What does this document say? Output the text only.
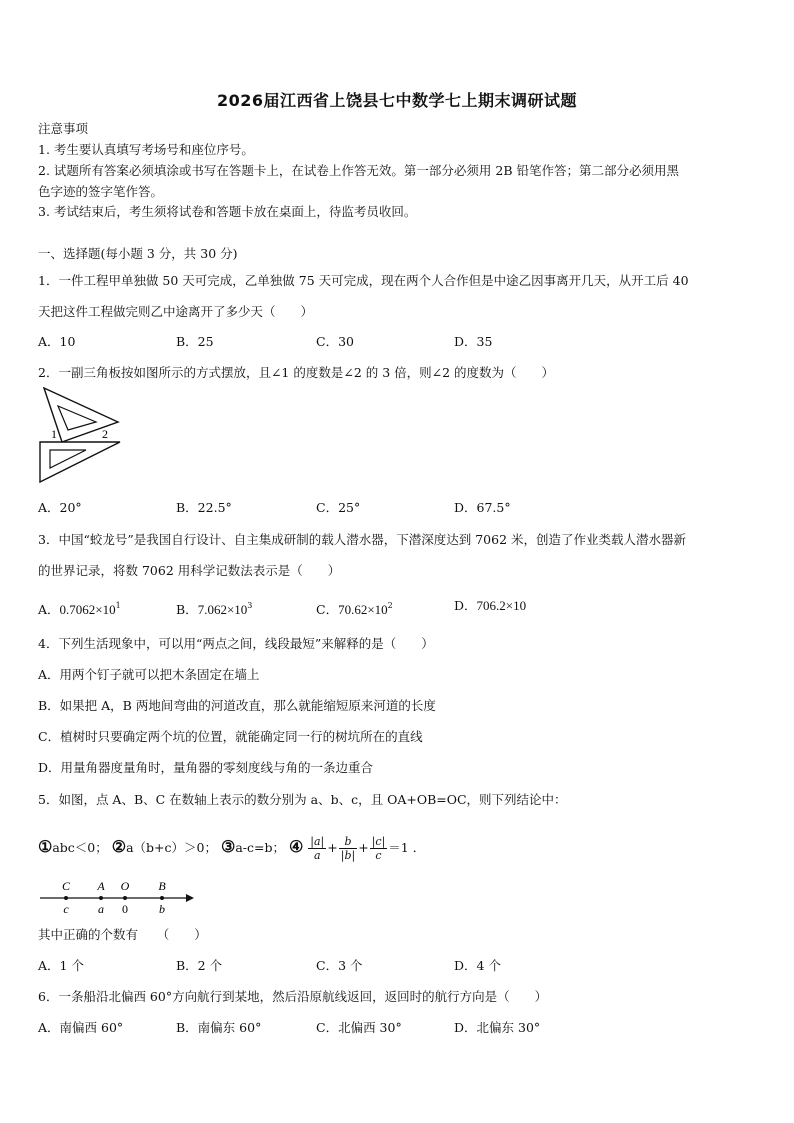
2026届江西省上饶县七中数学七上期末调研试题
注意事项
1. 考生要认真填写考场号和座位序号。
2. 试题所有答案必须填涂或书写在答题卡上，在试卷上作答无效。第一部分必须用 2B 铅笔作答；第二部分必须用黑
色字迹的签字笔作答。
3. 考试结束后，考生须将试卷和答题卡放在桌面上，待监考员收回。
一、选择题(每小题 3 分，共 30 分)
1．一件工程甲单独做 50 天可完成，乙单独做 75 天可完成，现在两个人合作但是中途乙因事离开几天，从开工后 40
天把这件工程做完则乙中途离开了多少天（　　）
A．10	B．25	C．30	D．35
2．一副三角板按如图所示的方式摆放，且∠1 的度数是∠2 的 3 倍，则∠2 的度数为（　　）
1	2
A．20°	B．22.5°	C．25°	D．67.5°
3．中国“蛟龙号”是我国自行设计、自主集成研制的载人潜水器，下潜深度达到 7062 米，创造了作业类载人潜水器新
的世界记录，将数 7062 用科学记数法表示是（　　）
A．$0.7062\times 10^1$	B．$7.062\times 10^3$	C．$70.62\times 10^2$	D．706.2×10
4．下列生活现象中，可以用“两点之间，线段最短”来解释的是（　　）
A．用两个钉子就可以把木条固定在墙上
B．如果把 A，B 两地间弯曲的河道改直，那么就能缩短原来河道的长度
C．植树时只要确定两个坑的位置，就能确定同一行的树坑所在的直线
D．用量角器度量角时，量角器的零刻度线与角的一条边重合
5．如图，点 A、B、C 在数轴上表示的数分别为 a、b、c，且 OA+OB=OC，则下列结论中：
①abc＜0； ②a（b+c）＞0； ③a-c=b； ④ $\frac{|a|}{a} + \frac{b}{|b|} + \frac{|c|}{c} =1$ ．
C A O B
c a 0	b
其中正确的个数有　　（　　）
A．1 个	B．2 个	C．3 个	D．4 个
6．一条船沿北偏西 60°方向航行到某地，然后沿原航线返回，返回时的航行方向是（　　）
A．南偏西 60°	B．南偏东 60°	C．北偏西 30°	D．北偏东 30°
